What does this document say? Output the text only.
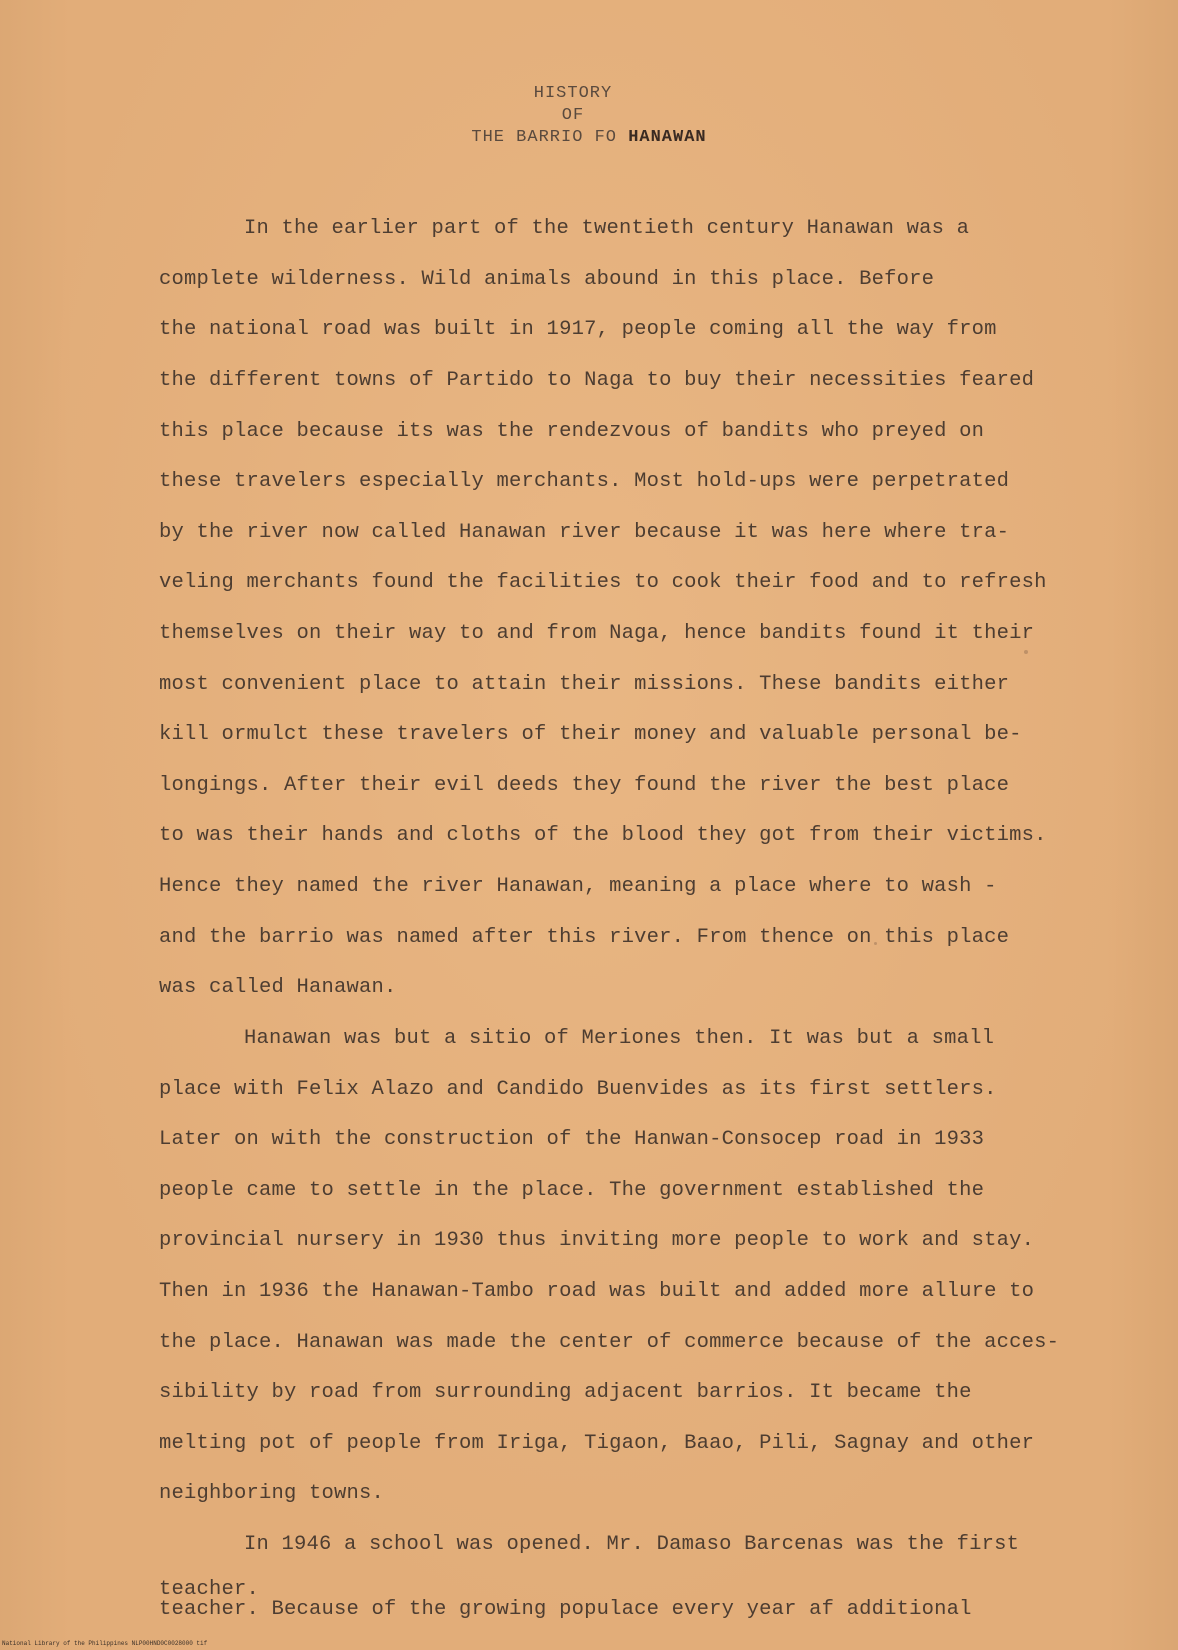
HISTORY
OF
THE BARRIO FO HANAWAN
In the earlier part of the twentieth century Hanawan was a
complete wilderness. Wild animals abound in this place. Before
the national road was built in 1917, people coming all the way from
the different towns of Partido to Naga to buy their necessities feared
this place because its was the rendezvous of bandits who preyed on
these travelers especially merchants. Most hold-ups were perpetrated
by the river now called Hanawan river because it was here where tra-
veling merchants found the facilities to cook their food and to refresh
themselves on their way to and from Naga, hence bandits found it their
most convenient place to attain their missions. These bandits either
kill ormulct these travelers of their money and valuable personal be-
longings. After their evil deeds they found the river the best place
to was their hands and cloths of the blood they got from their victims.
Hence they named the river Hanawan, meaning a place where to wash -
and the barrio was named after this river. From thence on this place
was called Hanawan.
Hanawan was but a sitio of Meriones then. It was but a small
place with Felix Alazo and Candido Buenvides as its first settlers.
Later on with the construction of the Hanwan-Consocep road in 1933
people came to settle in the place. The government established the
provincial nursery in 1930 thus inviting more people to work and stay.
Then in 1936 the Hanawan-Tambo road was built and added more allure to
the place. Hanawan was made the center of commerce because of the acces-
sibility by road from surrounding adjacent barrios. It became the
melting pot of people from Iriga, Tigaon, Baao, Pili, Sagnay and other
neighboring towns.
In 1946 a school was opened. Mr. Damaso Barcenas was the first
teacher.
teacher. Because of the growing populace every year af additional
National Library of the Philippines NLP00HND0C0028000 tif
